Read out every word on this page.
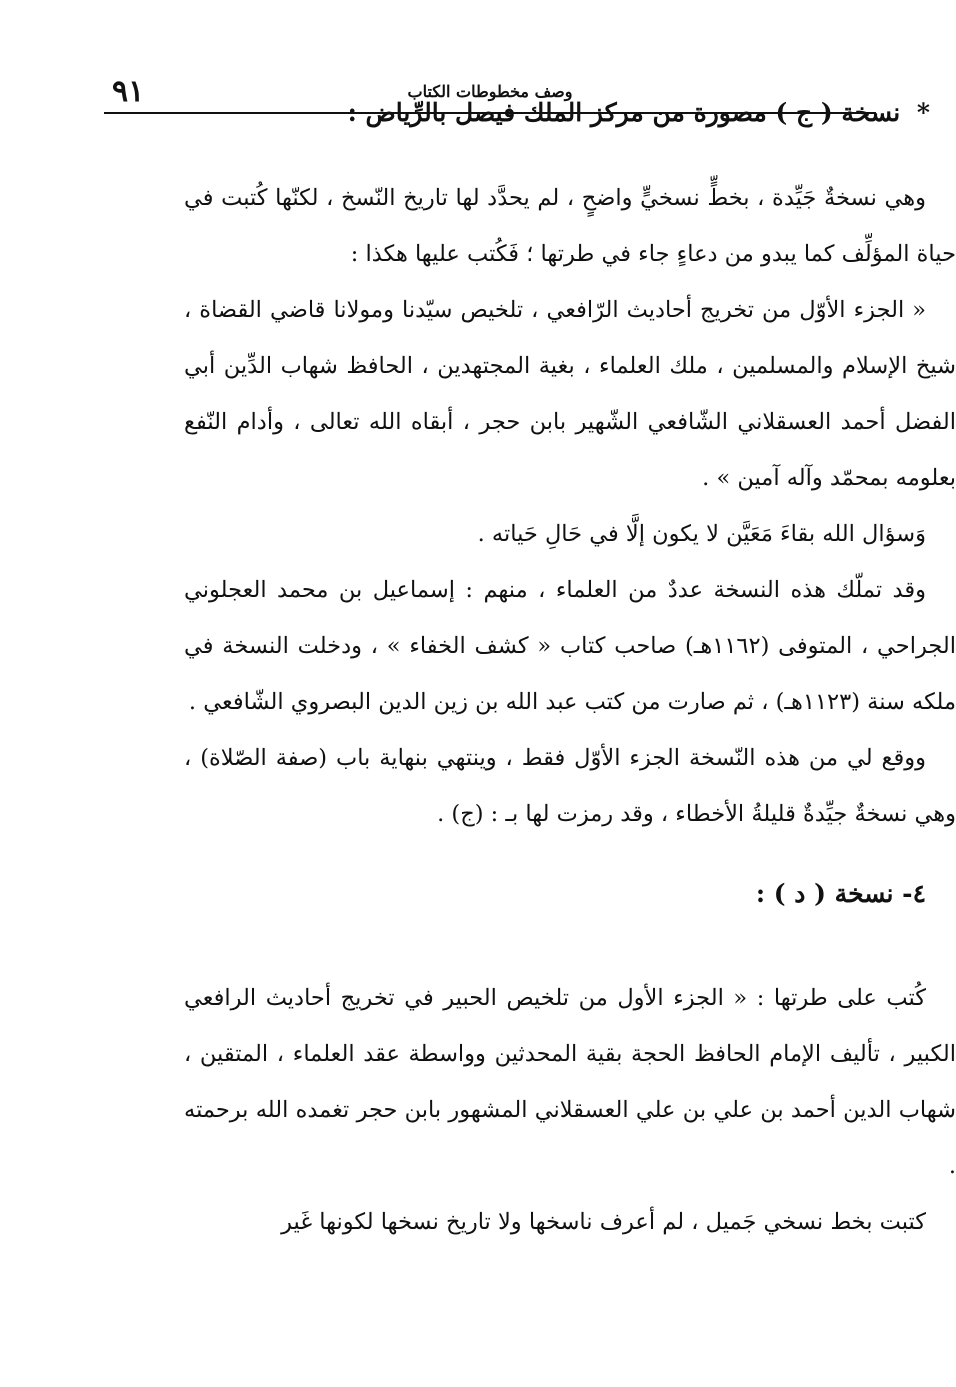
وصف مخطوطات الكتاب
٩١
* نسخة ( ج ) مصورة من مركز الملك فيصل بالرِّياض :

وهي نسخةٌ جَيِّدة ، بخطٍّ نسخيٍّ واضحٍ ، لم يحدَّد لها تاريخ النّسخ ، لكنّها كُتبت في حياة المؤلِّف كما يبدو من دعاءٍ جاء في طرتها ؛ فَكُتب عليها هكذا :

« الجزء الأوّل من تخريج أحاديث الرّافعي ، تلخيص سيّدنا ومولانا قاضي القضاة ، شيخ الإسلام والمسلمين ، ملك العلماء ، بغية المجتهدين ، الحافظ شهاب الدِّين أبي الفضل أحمد العسقلاني الشّافعي الشّهير بابن حجر ، أبقاه الله تعالى ، وأدام النّفع بعلومه بمحمّد وآله آمين » .

وَسؤال الله بقاءَ مَعَيَّن لا يكون إلَّا في حَالِ حَياته .

وقد تملّك هذه النسخة عددٌ من العلماء ، منهم : إسماعيل بن محمد العجلوني الجراحي ، المتوفى (١١٦٢هـ) صاحب كتاب « كشف الخفاء » ، ودخلت النسخة في ملكه سنة (١١٢٣هـ) ، ثم صارت من كتب عبد الله بن زين الدين البصروي الشّافعي .

ووقع لي من هذه النّسخة الجزء الأوّل فقط ، وينتهي بنهاية باب (صفة الصّلاة) ، وهي نسخةٌ جيِّدةٌ قليلةُ الأخطاء ، وقد رمزت لها بـ : (ج) .

٤- نسخة ( د ) :

كُتب على طرتها : « الجزء الأول من تلخيص الحبير في تخريج أحاديث الرافعي الكبير ، تأليف الإمام الحافظ الحجة بقية المحدثين وواسطة عقد العلماء ، المتقين ، شهاب الدين أحمد بن علي بن علي العسقلاني المشهور بابن حجر تغمده الله برحمته .

كتبت بخط نسخي جَميل ، لم أعرف ناسخها ولا تاريخ نسخها لكونها غَير
